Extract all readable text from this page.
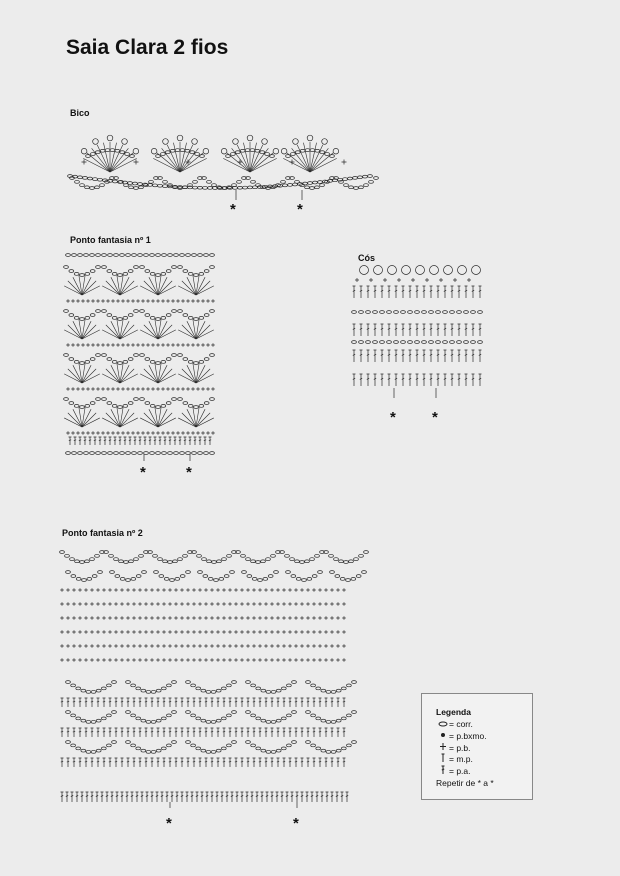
Saia Clara 2 fios
Bico
*	*
Ponto fantasia nº 1
*	*
Cós
* *
Ponto fantasia nº 2
*	*
Legenda
= corr.
= p.bxmo.
= p.b.
= m.p.
= p.a.
Repetir de * a *
